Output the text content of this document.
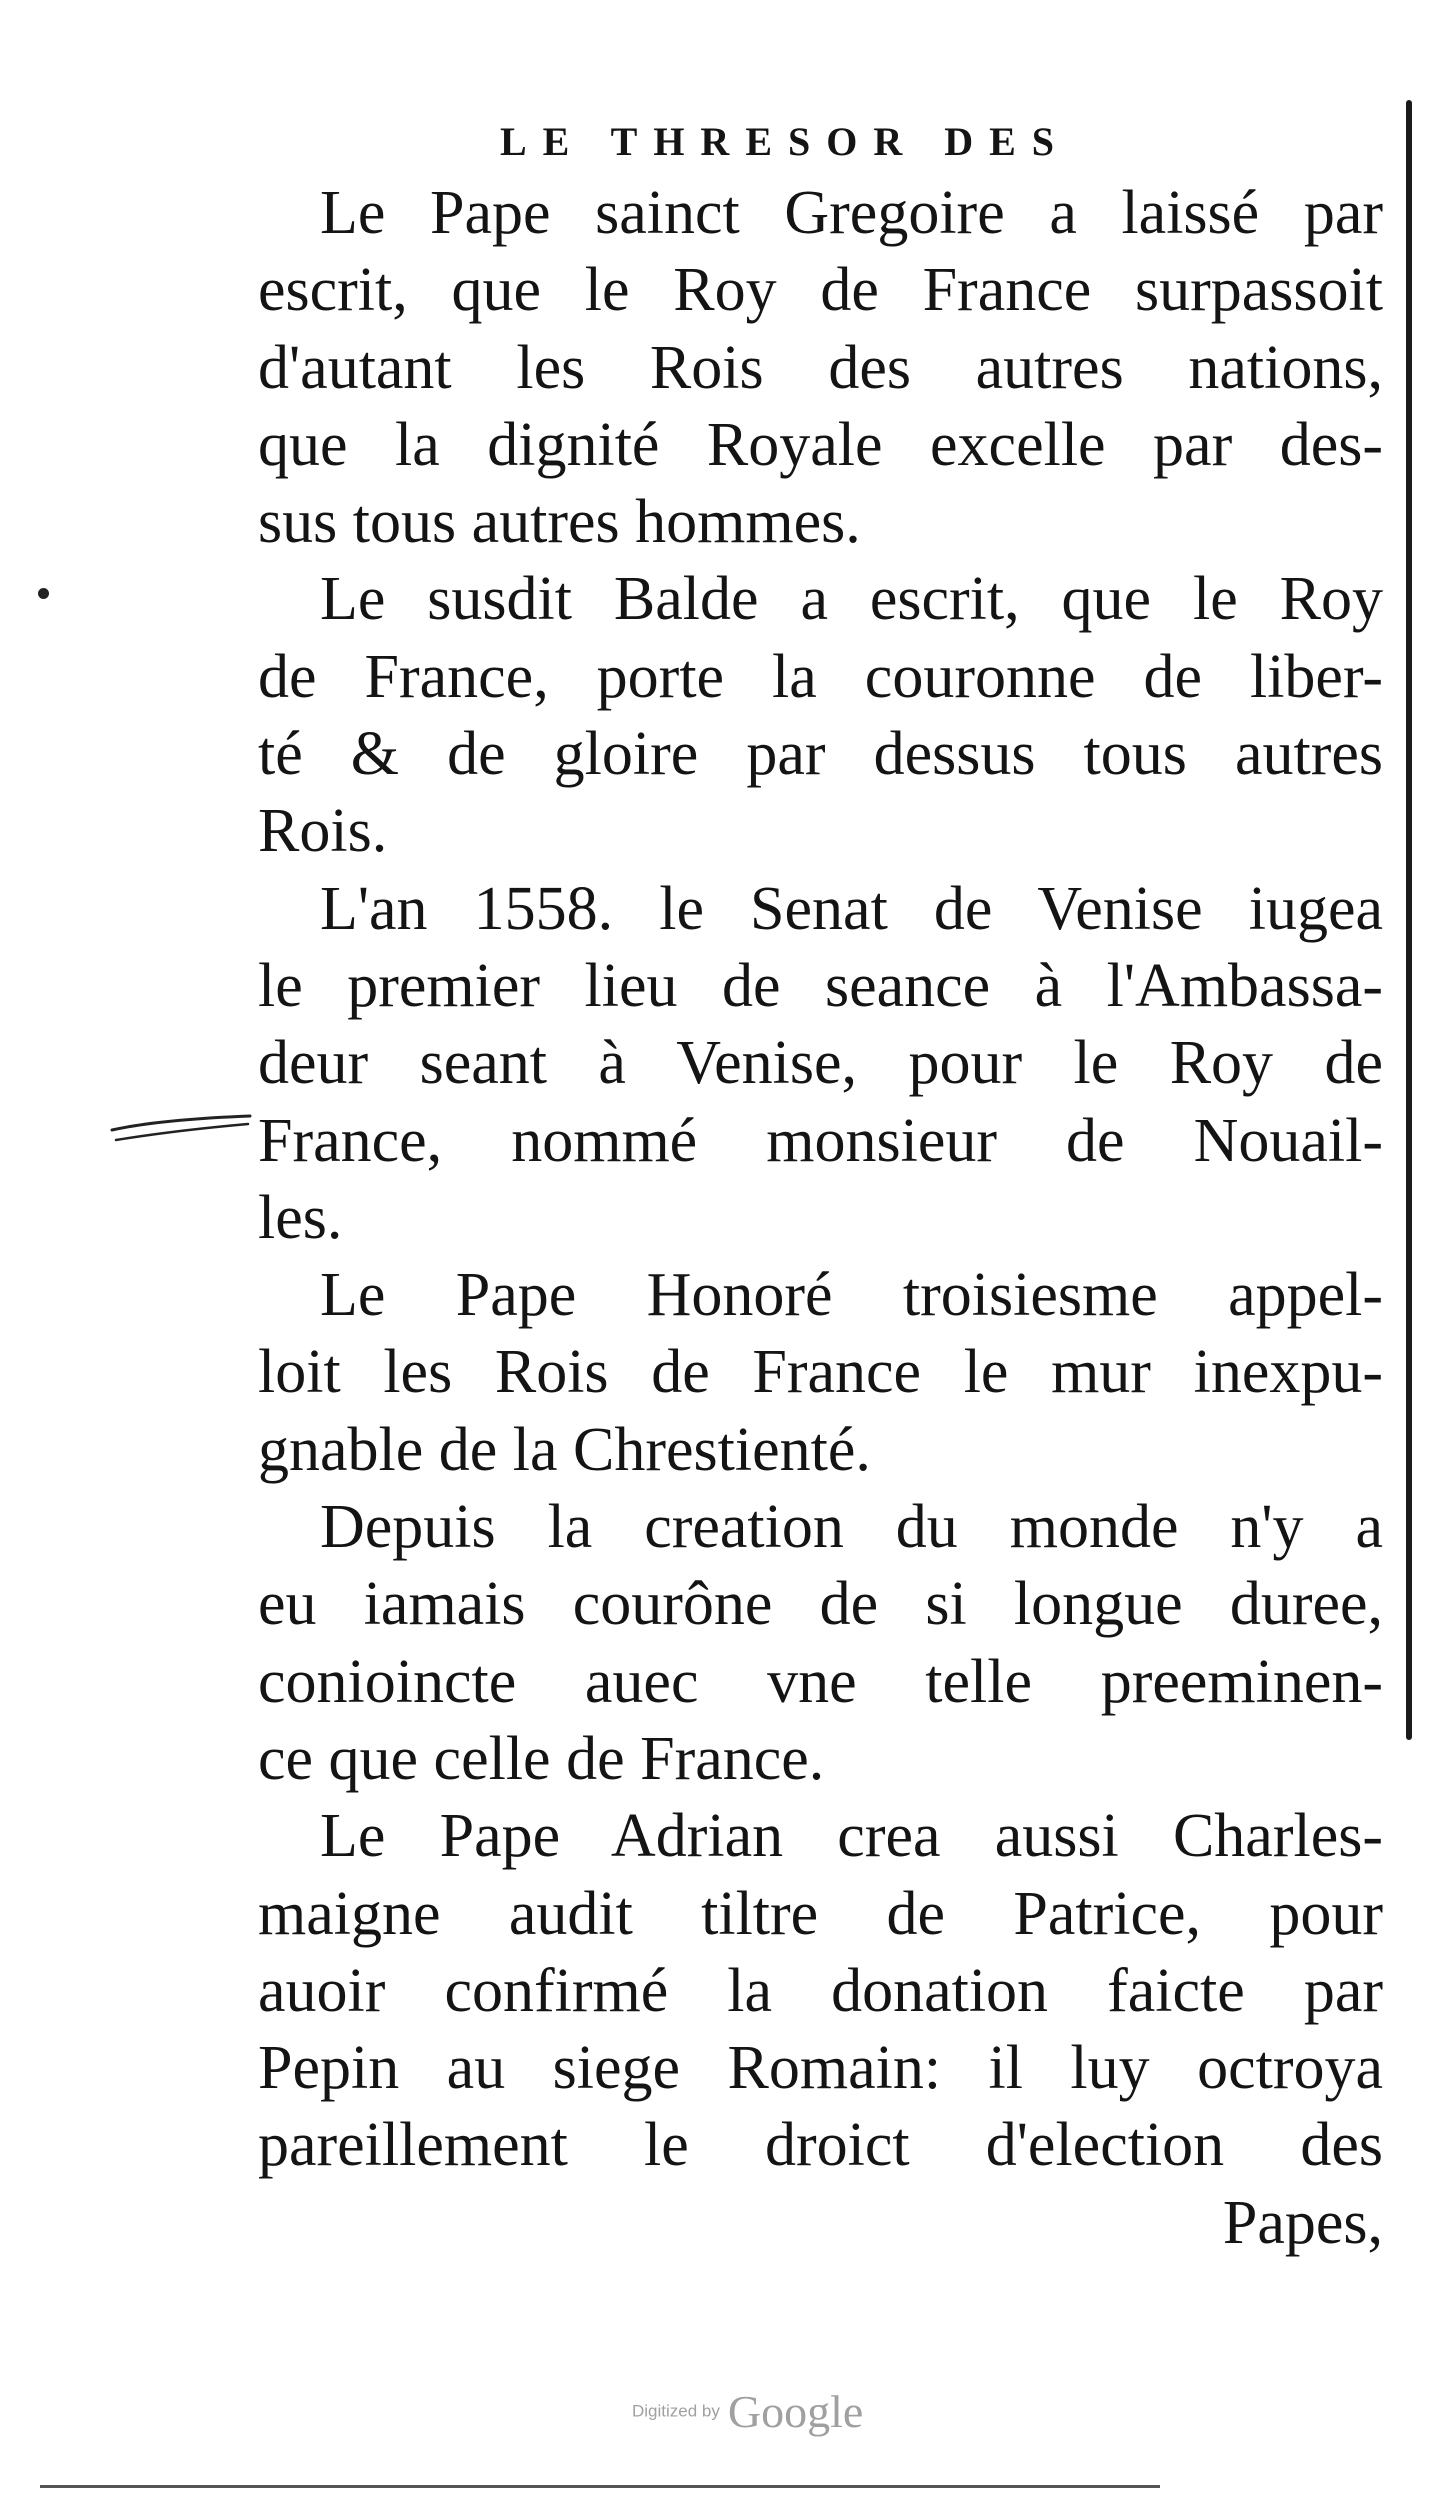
LE THRESOR DES
Le Pape sainct Gregoire a laissé par
escrit, que le Roy de France surpassoit
d'autant les Rois des autres nations,
que la dignité Royale excelle par des-
sus tous autres hommes.
Le susdit Balde a escrit, que le Roy
de France, porte la couronne de liber-
té & de gloire par dessus tous autres
Rois.
L'an 1558. le Senat de Venise iugea
le premier lieu de seance à l'Ambassa-
deur seant à Venise, pour le Roy de
France, nommé monsieur de Nouail-
les.
Le Pape Honoré troisiesme appel-
loit les Rois de France le mur inexpu-
gnable de la Chrestienté.
Depuis la creation du monde n'y a
eu iamais courône de si longue duree,
conioincte auec vne telle preeminen-
ce que celle de France.
Le Pape Adrian crea aussi Charles-
maigne audit tiltre de Patrice, pour
auoir confirmé la donation faicte par
Pepin au siege Romain: il luy octroya
pareillement le droict d'election des
Papes,
Digitized by Google
